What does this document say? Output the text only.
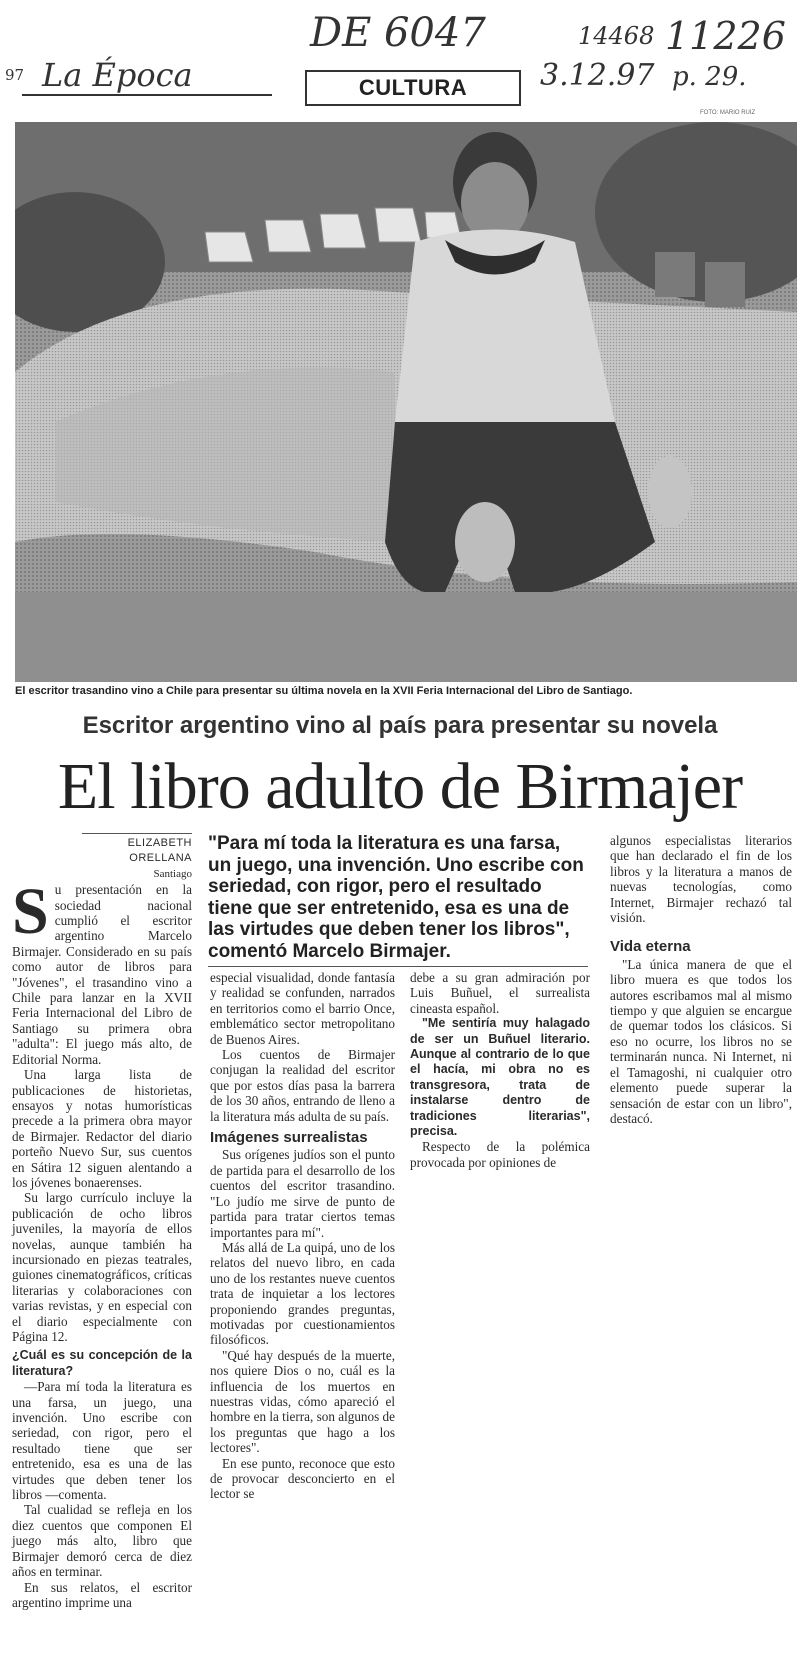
97 La Época
DE 6047
CULTURA
14468 11226
3.12.97 p. 29.
FOTO: MARIO RUIZ
El escritor trasandino vino a Chile para presentar su última novela en la XVII Feria Internacional del Libro de Santiago.
Escritor argentino vino al país para presentar su novela
El libro adulto de Birmajer
ELIZABETH ORELLANA
Santiago

Su presentación en la sociedad nacional cumplió el escritor argentino Marcelo Birmajer. Considerado en su país como autor de libros para "Jóvenes", el trasandino vino a Chile para lanzar en la XVII Feria Internacional del Libro de Santiago su primera obra "adulta": El juego más alto, de Editorial Norma.

Una larga lista de publicaciones de historietas, ensayos y notas humorísticas precede a la primera obra mayor de Birmajer. Redactor del diario porteño Nuevo Sur, sus cuentos en Sátira 12 siguen alentando a los jóvenes bonaerenses.

Su largo currículo incluye la publicación de ocho libros juveniles, la mayoría de ellos novelas, aunque también ha incursionado en piezas teatrales, guiones cinematográficos, críticas literarias y colaboraciones con varias revistas, y en especial con el diario especialmente con Página 12.

¿Cuál es su concepción de la literatura?

—Para mí toda la literatura es una farsa, un juego, una invención. Uno escribe con seriedad, con rigor, pero el resultado tiene que ser entretenido, esa es una de las virtudes que deben tener los libros —comenta.

Tal cualidad se refleja en los diez cuentos que componen El juego más alto, libro que Birmajer demoró cerca de diez años en terminar.

En sus relatos, el escritor argentino imprime una

"Para mí toda la literatura es una farsa, un juego, una invención. Uno escribe con seriedad, con rigor, pero el resultado tiene que ser entretenido, esa es una de las virtudes que deben tener los libros", comentó Marcelo Birmajer.

especial visualidad, donde fantasía y realidad se confunden, narrados en territorios como el barrio Once, emblemático sector metropolitano de Buenos Aires.

Los cuentos de Birmajer conjugan la realidad del escritor que por estos días pasa la barrera de los 30 años, entrando de lleno a la literatura más adulta de su país.

Imágenes surrealistas

Sus orígenes judíos son el punto de partida para el desarrollo de los cuentos del escritor trasandino. "Lo judío me sirve de punto de partida para tratar ciertos temas importantes para mí".

Más allá de La quipá, uno de los relatos del nuevo libro, en cada uno de los restantes nueve cuentos trata de inquietar a los lectores proponiendo grandes preguntas, motivadas por cuestionamientos filosóficos.

"Qué hay después de la muerte, nos quiere Dios o no, cuál es la influencia de los muertos en nuestras vidas, cómo apareció el hombre en la tierra, son algunos de los preguntas que hago a los lectores".

En ese punto, reconoce que esto de provocar desconcierto en el lector se

debe a su gran admiración por Luis Buñuel, el surrealista cineasta español.

"Me sentiría muy halagado de ser un Buñuel literario. Aunque al contrario de lo que el hacía, mi obra no es transgresora, trata de instalarse dentro de tradiciones literarias", precisa.

Respecto de la polémica provocada por opiniones de

algunos especialistas literarios que han declarado el fin de los libros y la literatura a manos de nuevas tecnologías, como Internet, Birmajer rechazó tal visión.

Vida eterna

"La única manera de que el libro muera es que todos los autores escribamos mal al mismo tiempo y que alguien se encargue de quemar todos los clásicos. Si eso no ocurre, los libros no se terminarán nunca. Ni Internet, ni el Tamagoshi, ni cualquier otro elemento puede superar la sensación de estar con un libro", destacó.
